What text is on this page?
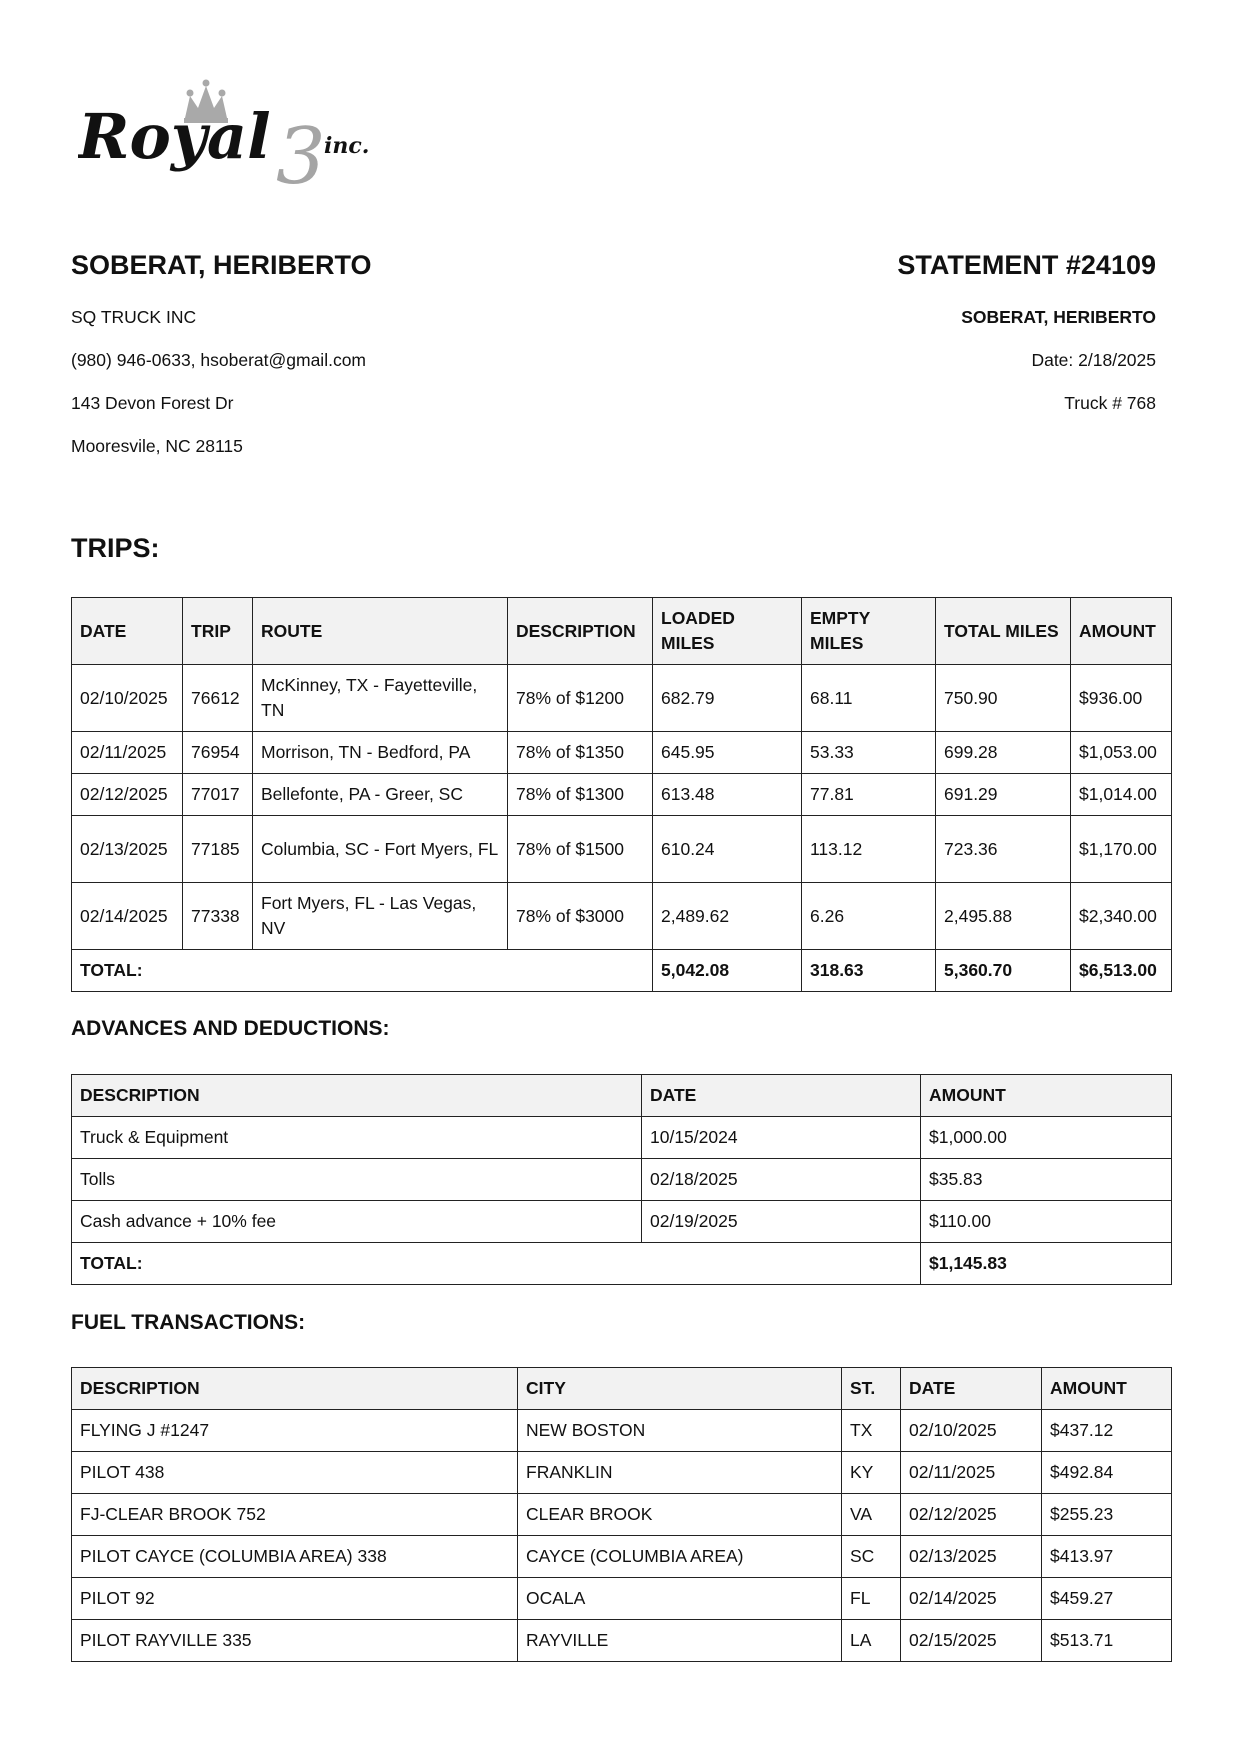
3
Royal inc.
SOBERAT, HERIBERTO
SQ TRUCK INC
(980) 946-0633, hsoberat@gmail.com
143 Devon Forest Dr
Mooresvile, NC 28115
STATEMENT #24109
SOBERAT, HERIBERTO
Date: 2/18/2025
Truck # 768
TRIPS:
DATE	TRIP	ROUTE	DESCRIPTION	LOADED MILES	EMPTY MILES	TOTAL MILES	AMOUNT
02/10/2025	76612	McKinney, TX - Fayetteville, TN	78% of $1200	682.79	68.11	750.90	$936.00
02/11/2025	76954	Morrison, TN - Bedford, PA	78% of $1350	645.95	53.33	699.28	$1,053.00
02/12/2025	77017	Bellefonte, PA - Greer, SC	78% of $1300	613.48	77.81	691.29	$1,014.00
02/13/2025	77185	Columbia, SC - Fort Myers, FL	78% of $1500	610.24	113.12	723.36	$1,170.00
02/14/2025	77338	Fort Myers, FL - Las Vegas, NV	78% of $3000	2,489.62	6.26	2,495.88	$2,340.00
TOTAL:				5,042.08	318.63	5,360.70	$6,513.00
ADVANCES AND DEDUCTIONS:
DESCRIPTION	DATE	AMOUNT
Truck & Equipment	10/15/2024	$1,000.00
Tolls	02/18/2025	$35.83
Cash advance + 10% fee	02/19/2025	$110.00
TOTAL:		$1,145.83
FUEL TRANSACTIONS:
DESCRIPTION	CITY	ST.	DATE	AMOUNT
FLYING J #1247	NEW BOSTON	TX	02/10/2025	$437.12
PILOT 438	FRANKLIN	KY	02/11/2025	$492.84
FJ-CLEAR BROOK 752	CLEAR BROOK	VA	02/12/2025	$255.23
PILOT CAYCE (COLUMBIA AREA) 338	CAYCE (COLUMBIA AREA)	SC	02/13/2025	$413.97
PILOT 92	OCALA	FL	02/14/2025	$459.27
PILOT RAYVILLE 335	RAYVILLE	LA	02/15/2025	$513.71
